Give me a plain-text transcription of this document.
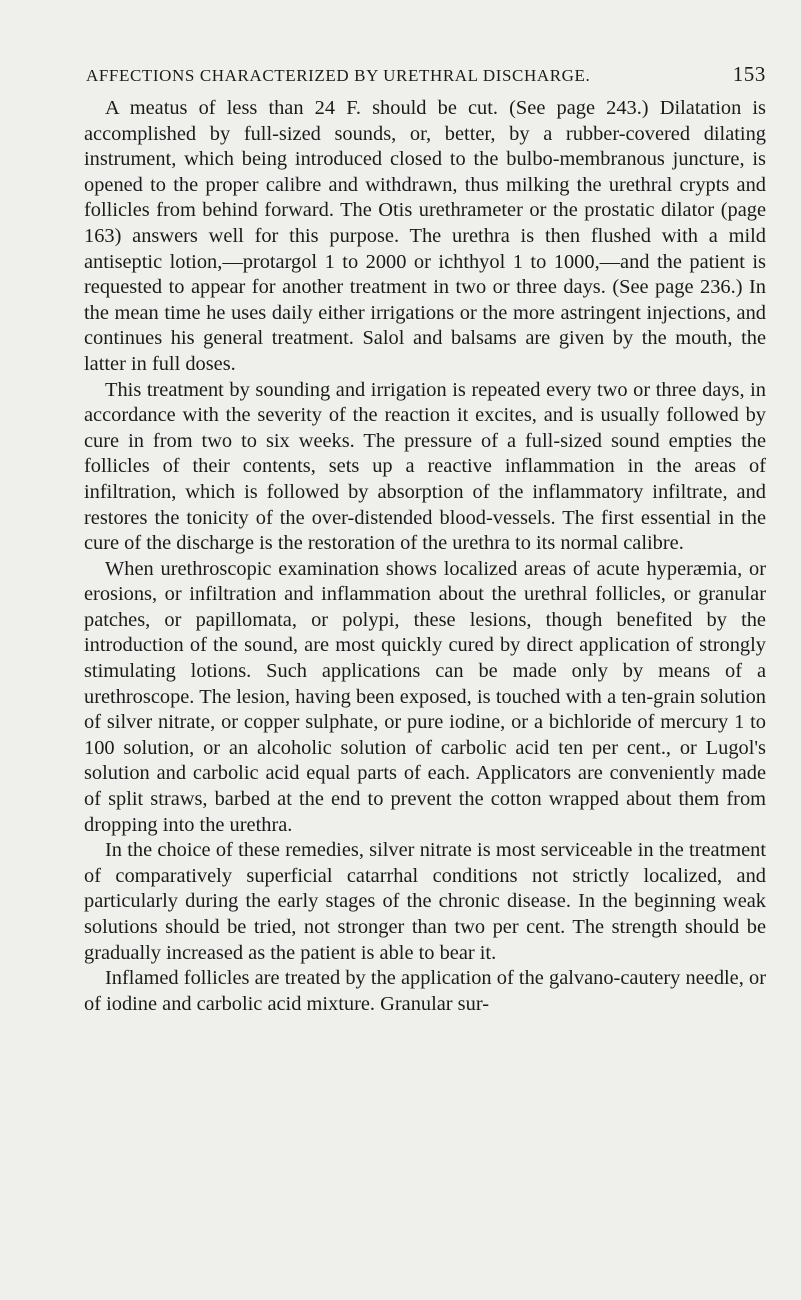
AFFECTIONS CHARACTERIZED BY URETHRAL DISCHARGE.	153

A meatus of less than 24 F. should be cut. (See page 243.) Dilatation is accomplished by full-sized sounds, or, better, by a rubber-covered dilating instrument, which being introduced closed to the bulbo-membranous juncture, is opened to the proper calibre and withdrawn, thus milking the urethral crypts and follicles from behind forward. The Otis urethrameter or the prostatic dilator (page 163) answers well for this purpose. The urethra is then flushed with a mild antiseptic lotion,—protargol 1 to 2000 or ichthyol 1 to 1000,—and the patient is requested to appear for another treatment in two or three days. (See page 236.) In the mean time he uses daily either irrigations or the more astringent injections, and continues his general treatment. Salol and balsams are given by the mouth, the latter in full doses.

This treatment by sounding and irrigation is repeated every two or three days, in accordance with the severity of the reaction it excites, and is usually followed by cure in from two to six weeks. The pressure of a full-sized sound empties the follicles of their contents, sets up a reactive inflammation in the areas of infiltration, which is followed by absorption of the inflammatory infiltrate, and restores the tonicity of the over-distended blood-vessels. The first essential in the cure of the discharge is the restoration of the urethra to its normal calibre.

When urethroscopic examination shows localized areas of acute hyperæmia, or erosions, or infiltration and inflammation about the urethral follicles, or granular patches, or papillomata, or polypi, these lesions, though benefited by the introduction of the sound, are most quickly cured by direct application of strongly stimulating lotions. Such applications can be made only by means of a urethroscope. The lesion, having been exposed, is touched with a ten-grain solution of silver nitrate, or copper sulphate, or pure iodine, or a bichloride of mercury 1 to 100 solution, or an alcoholic solution of carbolic acid ten per cent., or Lugol's solution and carbolic acid equal parts of each. Applicators are conveniently made of split straws, barbed at the end to prevent the cotton wrapped about them from dropping into the urethra.

In the choice of these remedies, silver nitrate is most serviceable in the treatment of comparatively superficial catarrhal conditions not strictly localized, and particularly during the early stages of the chronic disease. In the beginning weak solutions should be tried, not stronger than two per cent. The strength should be gradually increased as the patient is able to bear it.

Inflamed follicles are treated by the application of the galvano-cautery needle, or of iodine and carbolic acid mixture. Granular sur-
